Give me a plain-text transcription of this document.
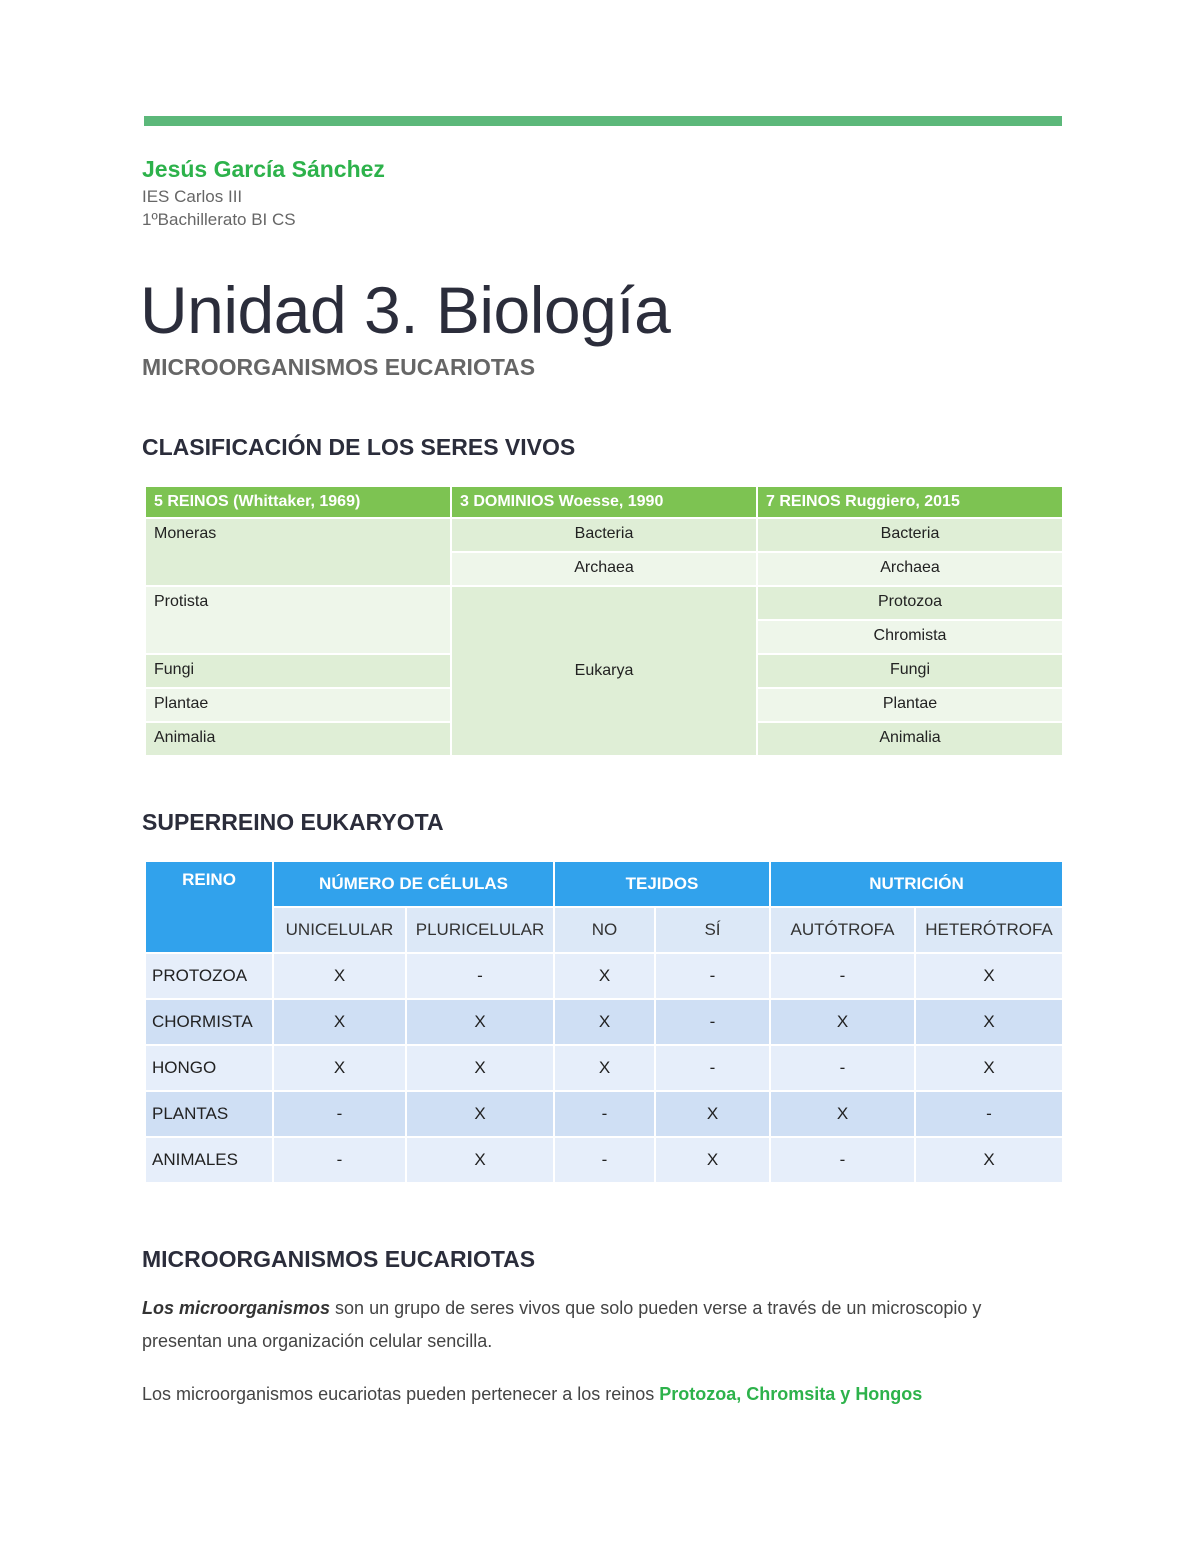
Jesús García Sánchez
IES Carlos III
1ºBachillerato BI CS
Unidad 3. Biología
MICROORGANISMOS EUCARIOTAS
CLASIFICACIÓN DE LOS SERES VIVOS
5 REINOS (Whittaker, 1969)	3 DOMINIOS Woesse, 1990	7 REINOS Ruggiero, 2015
Moneras	Bacteria	Bacteria
	Archaea	Archaea
Protista	Eukarya	Protozoa
		Chromista
Fungi		Fungi
Plantae		Plantae
Animalia		Animalia
SUPERREINO EUKARYOTA
REINO	NÚMERO DE CÉLULAS		TEJIDOS		NUTRICIÓN	
	UNICELULAR	PLURICELULAR	NO	SÍ	AUTÓTROFA	HETERÓTROFA
PROTOZOA	X	-	X	-	-	X
CHORMISTA	X	X	X	-	X	X
HONGO	X	X	X	-	-	X
PLANTAS	-	X	-	X	X	-
ANIMALES	-	X	-	X	-	X
MICROORGANISMOS EUCARIOTAS
Los microorganismos son un grupo de seres vivos que solo pueden verse a través de un microscopio y presentan una organización celular sencilla.
Los microorganismos eucariotas pueden pertenecer a los reinos Protozoa, Chromsita y Hongos
